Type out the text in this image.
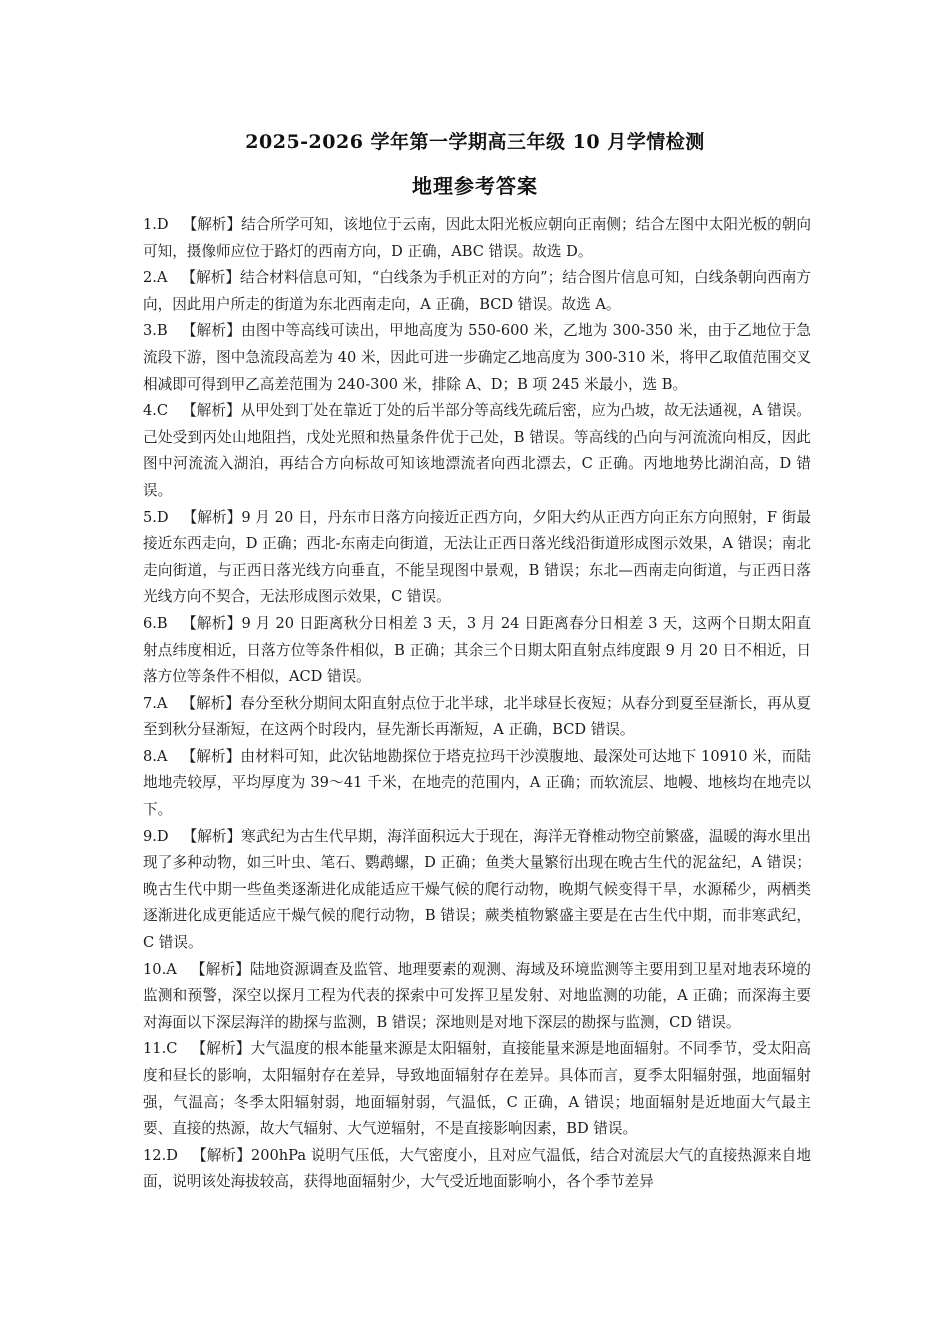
2025-2026 学年第一学期高三年级 10 月学情检测
地理参考答案

1.D 【解析】结合所学可知，该地位于云南，因此太阳光板应朝向正南侧；结合左图中太阳光板的朝向可知，摄像师应位于路灯的西南方向，D 正确，ABC 错误。故选 D。

2.A 【解析】结合材料信息可知，“白线条为手机正对的方向”；结合图片信息可知，白线条朝向西南方向，因此用户所走的街道为东北西南走向，A 正确，BCD 错误。故选 A。

3.B 【解析】由图中等高线可读出，甲地高度为 550-600 米，乙地为 300-350 米，由于乙地位于急流段下游，图中急流段高差为 40 米，因此可进一步确定乙地高度为 300-310 米，将甲乙取值范围交叉相减即可得到甲乙高差范围为 240-300 米，排除 A、D；B 项 245 米最小，选 B。

4.C 【解析】从甲处到丁处在靠近丁处的后半部分等高线先疏后密，应为凸坡，故无法通视，A 错误。己处受到丙处山地阻挡，戊处光照和热量条件优于己处，B 错误。等高线的凸向与河流流向相反，因此图中河流流入湖泊，再结合方向标故可知该地漂流者向西北漂去，C 正确。丙地地势比湖泊高，D 错误。

5.D 【解析】9 月 20 日，丹东市日落方向接近正西方向，夕阳大约从正西方向正东方向照射，F 街最接近东西走向，D 正确；西北-东南走向街道，无法让正西日落光线沿街道形成图示效果，A 错误；南北走向街道，与正西日落光线方向垂直，不能呈现图中景观，B 错误；东北—西南走向街道，与正西日落光线方向不契合，无法形成图示效果，C 错误。

6.B 【解析】9 月 20 日距离秋分日相差 3 天，3 月 24 日距离春分日相差 3 天，这两个日期太阳直射点纬度相近，日落方位等条件相似，B 正确；其余三个日期太阳直射点纬度跟 9 月 20 日不相近，日落方位等条件不相似，ACD 错误。

7.A 【解析】春分至秋分期间太阳直射点位于北半球，北半球昼长夜短；从春分到夏至昼渐长，再从夏至到秋分昼渐短，在这两个时段内，昼先渐长再渐短，A 正确，BCD 错误。

8.A 【解析】由材料可知，此次钻地勘探位于塔克拉玛干沙漠腹地、最深处可达地下 10910 米，而陆地地壳较厚，平均厚度为 39～41 千米，在地壳的范围内，A 正确；而软流层、地幔、地核均在地壳以下。

9.D 【解析】寒武纪为古生代早期，海洋面积远大于现在，海洋无脊椎动物空前繁盛，温暖的海水里出现了多种动物，如三叶虫、笔石、鹦鹉螺，D 正确；鱼类大量繁衍出现在晚古生代的泥盆纪，A 错误；晚古生代中期一些鱼类逐渐进化成能适应干燥气候的爬行动物，晚期气候变得干旱，水源稀少，两栖类逐渐进化成更能适应干燥气候的爬行动物，B 错误；蕨类植物繁盛主要是在古生代中期，而非寒武纪，C 错误。

10.A 【解析】陆地资源调查及监管、地理要素的观测、海域及环境监测等主要用到卫星对地表环境的监测和预警，深空以探月工程为代表的探索中可发挥卫星发射、对地监测的功能，A 正确；而深海主要对海面以下深层海洋的勘探与监测，B 错误；深地则是对地下深层的勘探与监测，CD 错误。

11.C 【解析】大气温度的根本能量来源是太阳辐射，直接能量来源是地面辐射。不同季节，受太阳高度和昼长的影响，太阳辐射存在差异，导致地面辐射存在差异。具体而言，夏季太阳辐射强，地面辐射强，气温高；冬季太阳辐射弱，地面辐射弱，气温低，C 正确，A 错误；地面辐射是近地面大气最主要、直接的热源，故大气辐射、大气逆辐射，不是直接影响因素，BD 错误。

12.D 【解析】200hPa 说明气压低，大气密度小，且对应气温低，结合对流层大气的直接热源来自地面，说明该处海拔较高，获得地面辐射少，大气受近地面影响小，各个季节差异
